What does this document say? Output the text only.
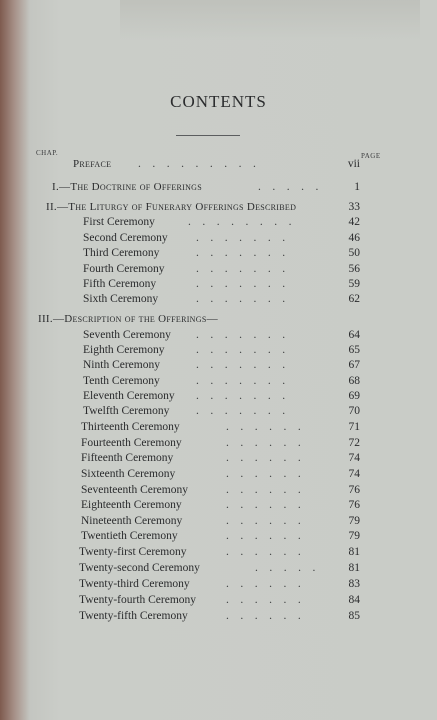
CONTENTS
CHAP.	PAGE
Preface . . . . . . . . .	vii
I.—The Doctrine of Offerings	. . . . .	1
II.—The Liturgy of Funerary Offerings Described	33
First Ceremony	. . . . . . . .	42
Second Ceremony . . . . . . .	46
Third Ceremony	. . . . . . .	50
Fourth Ceremony	. . . . . . .	56
Fifth Ceremony	. . . . . . .	59
Sixth Ceremony	. . . . . . .	62
III.—Description of the Offerings—
Seventh Ceremony . . . . . . .	64
Eighth Ceremony	. . . . . . .	65
Ninth Ceremony	. . . . . . .	67
Tenth Ceremony	. . . . . . .	68
Eleventh Ceremony . . . . . . .	69
Twelfth Ceremony . . . . . . .	70
Thirteenth Ceremony	. . . . . .	71
Fourteenth Ceremony	. . . . . .	72
Fifteenth Ceremony	. . . . . .	74
Sixteenth Ceremony	. . . . . .	74
Seventeenth Ceremony	. . . . . .	76
Eighteenth Ceremony	. . . . . .	76
Nineteenth Ceremony	. . . . . .	79
Twentieth Ceremony	. . . . . .	79
Twenty-first Ceremony	. . . . . .	81
Twenty-second Ceremony	. . . . .	81
Twenty-third Ceremony	. . . . . .	83
Twenty-fourth Ceremony	. . . . . .	84
Twenty-fifth Ceremony	. . . . . .	85
